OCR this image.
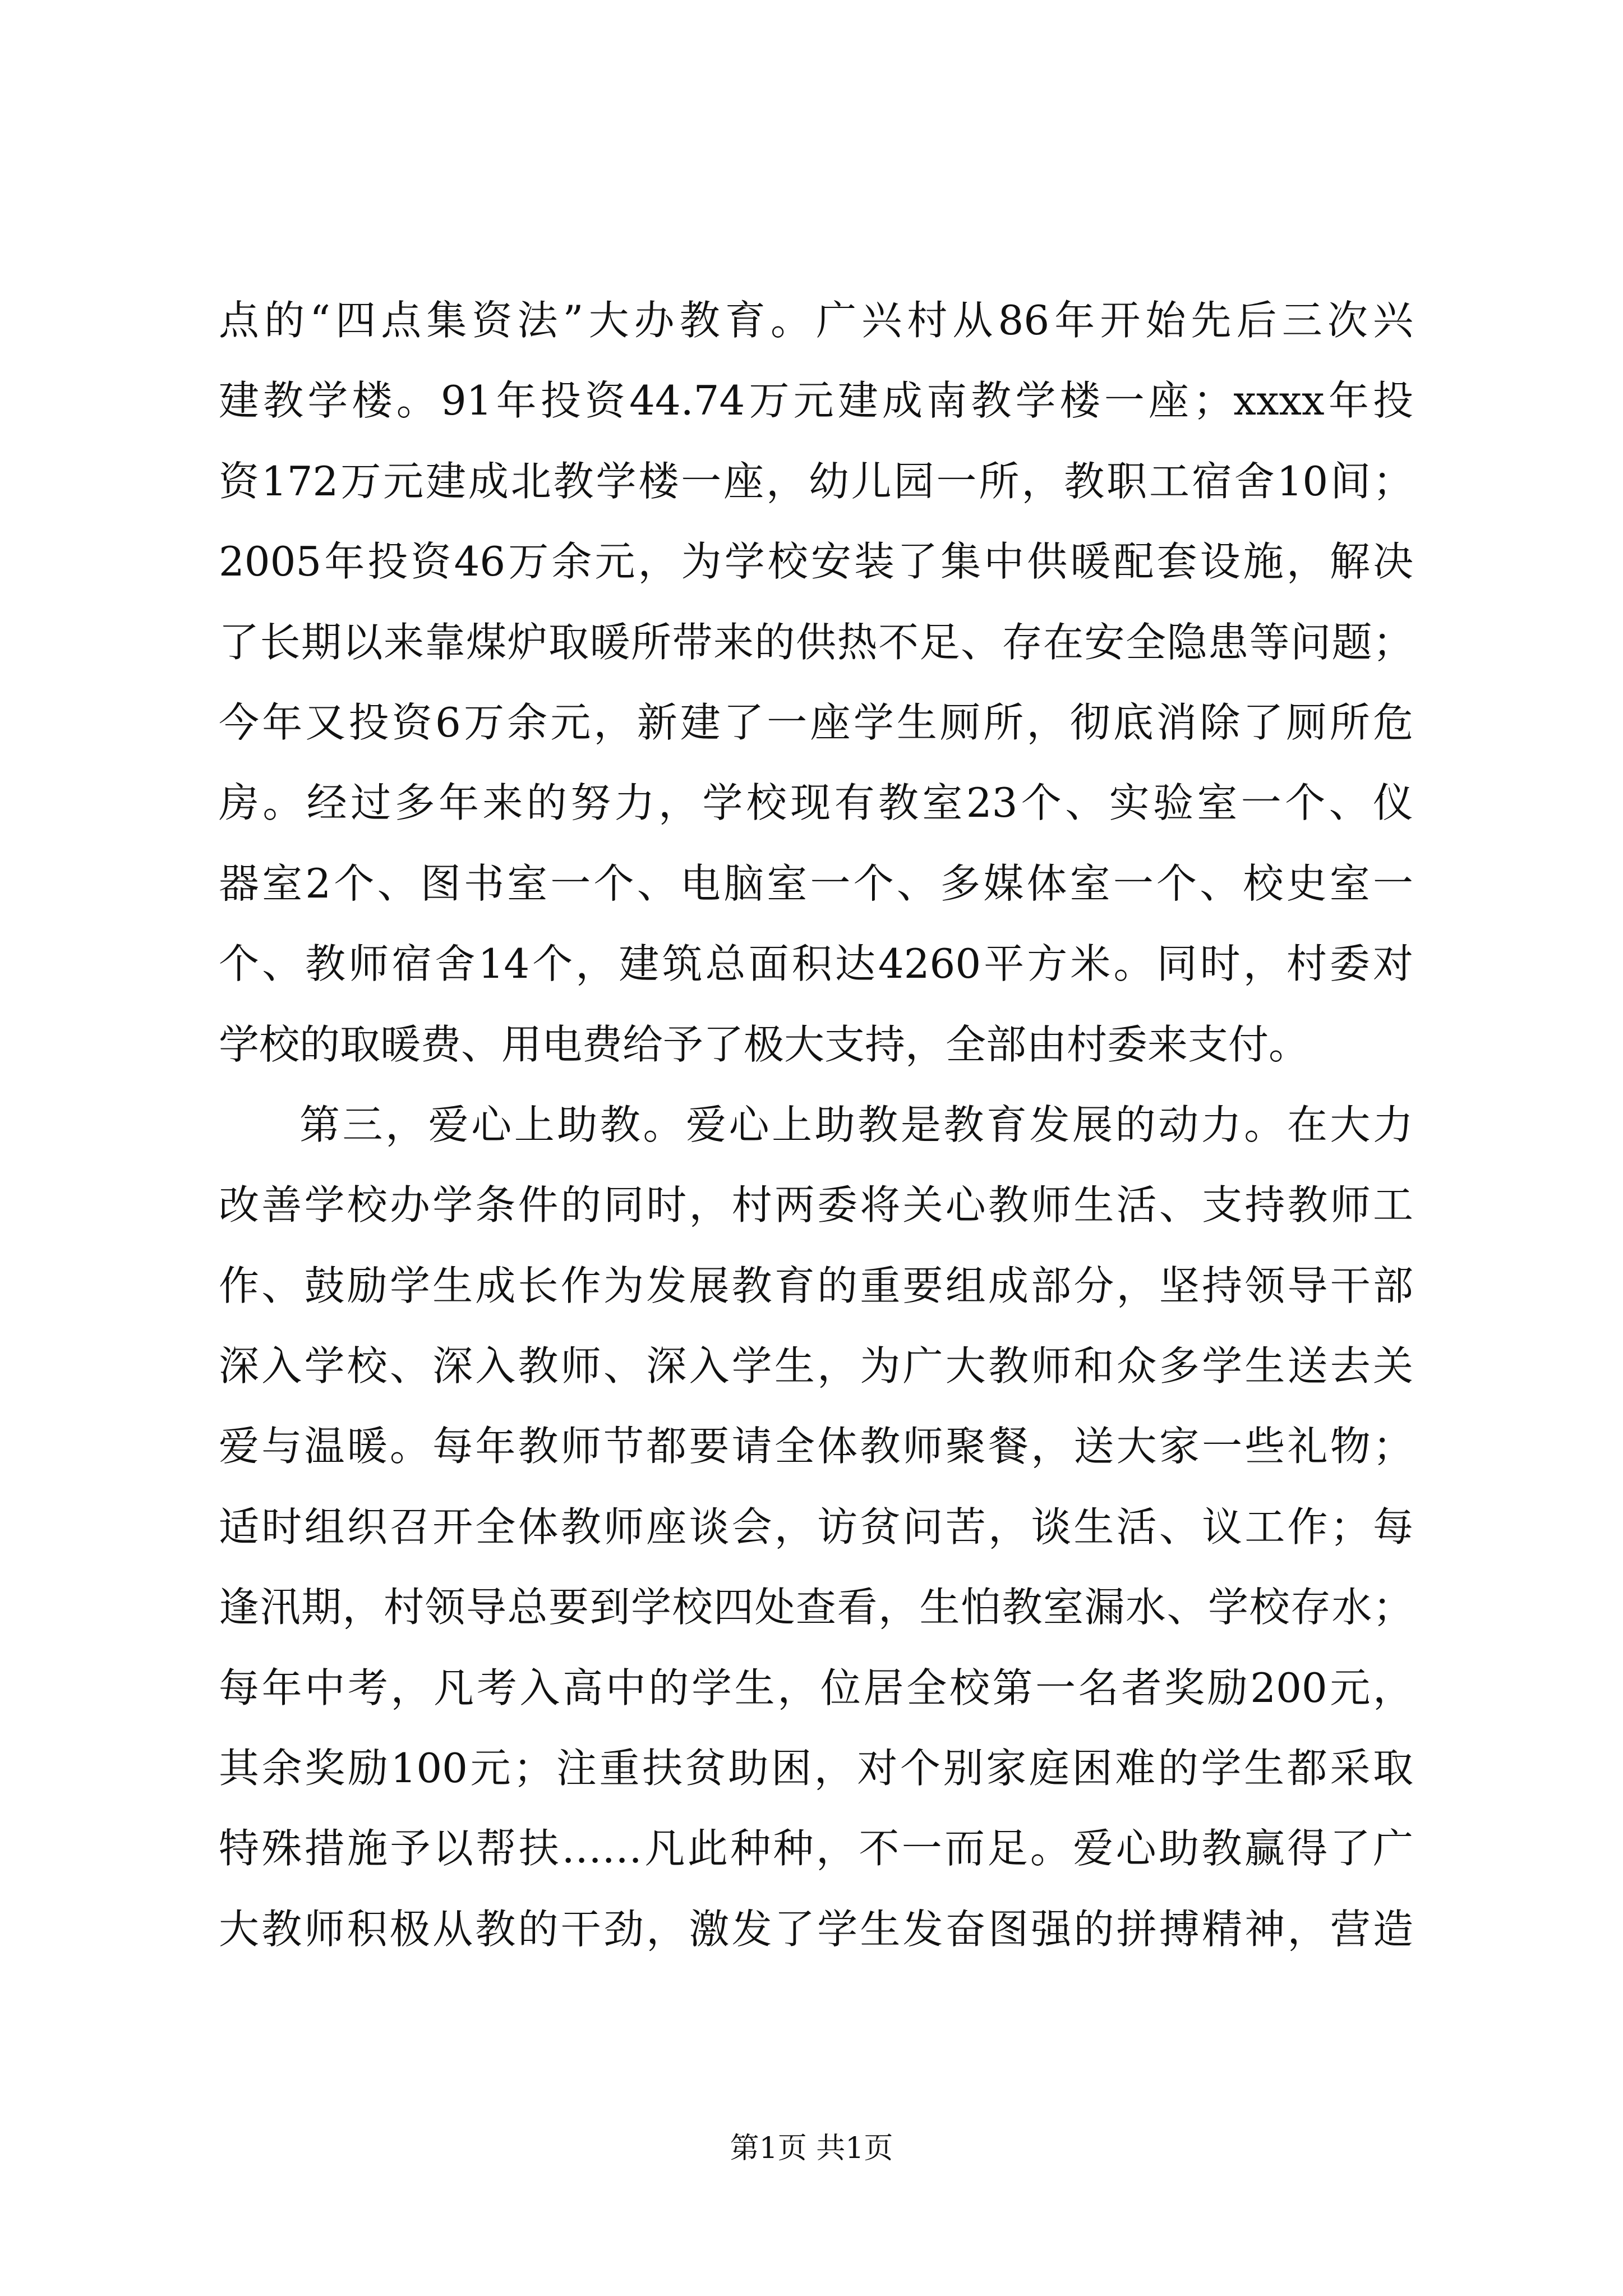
点的“四点集资法”大办教育。广兴村从86年开始先后三次兴
建教学楼。91年投资44.74万元建成南教学楼一座；xxxx年投
资172万元建成北教学楼一座，幼儿园一所，教职工宿舍10间；
2005年投资46万余元，为学校安装了集中供暖配套设施，解决
了长期以来靠煤炉取暖所带来的供热不足、存在安全隐患等问题；
今年又投资6万余元，新建了一座学生厕所，彻底消除了厕所危
房。经过多年来的努力，学校现有教室23个、实验室一个、仪
器室2个、图书室一个、电脑室一个、多媒体室一个、校史室一
个、教师宿舍14个，建筑总面积达4260平方米。同时，村委对
学校的取暖费、用电费给予了极大支持，全部由村委来支付。
第三，爱心上助教。爱心上助教是教育发展的动力。在大力
改善学校办学条件的同时，村两委将关心教师生活、支持教师工
作、鼓励学生成长作为发展教育的重要组成部分，坚持领导干部
深入学校、深入教师、深入学生，为广大教师和众多学生送去关
爱与温暖。每年教师节都要请全体教师聚餐，送大家一些礼物；
适时组织召开全体教师座谈会，访贫问苦，谈生活、议工作；每
逢汛期，村领导总要到学校四处查看，生怕教室漏水、学校存水；
每年中考，凡考入高中的学生，位居全校第一名者奖励200元，
其余奖励100元；注重扶贫助困，对个别家庭困难的学生都采取
特殊措施予以帮扶……凡此种种，不一而足。爱心助教赢得了广
大教师积极从教的干劲，激发了学生发奋图强的拼搏精神，营造
第1页 共1页
